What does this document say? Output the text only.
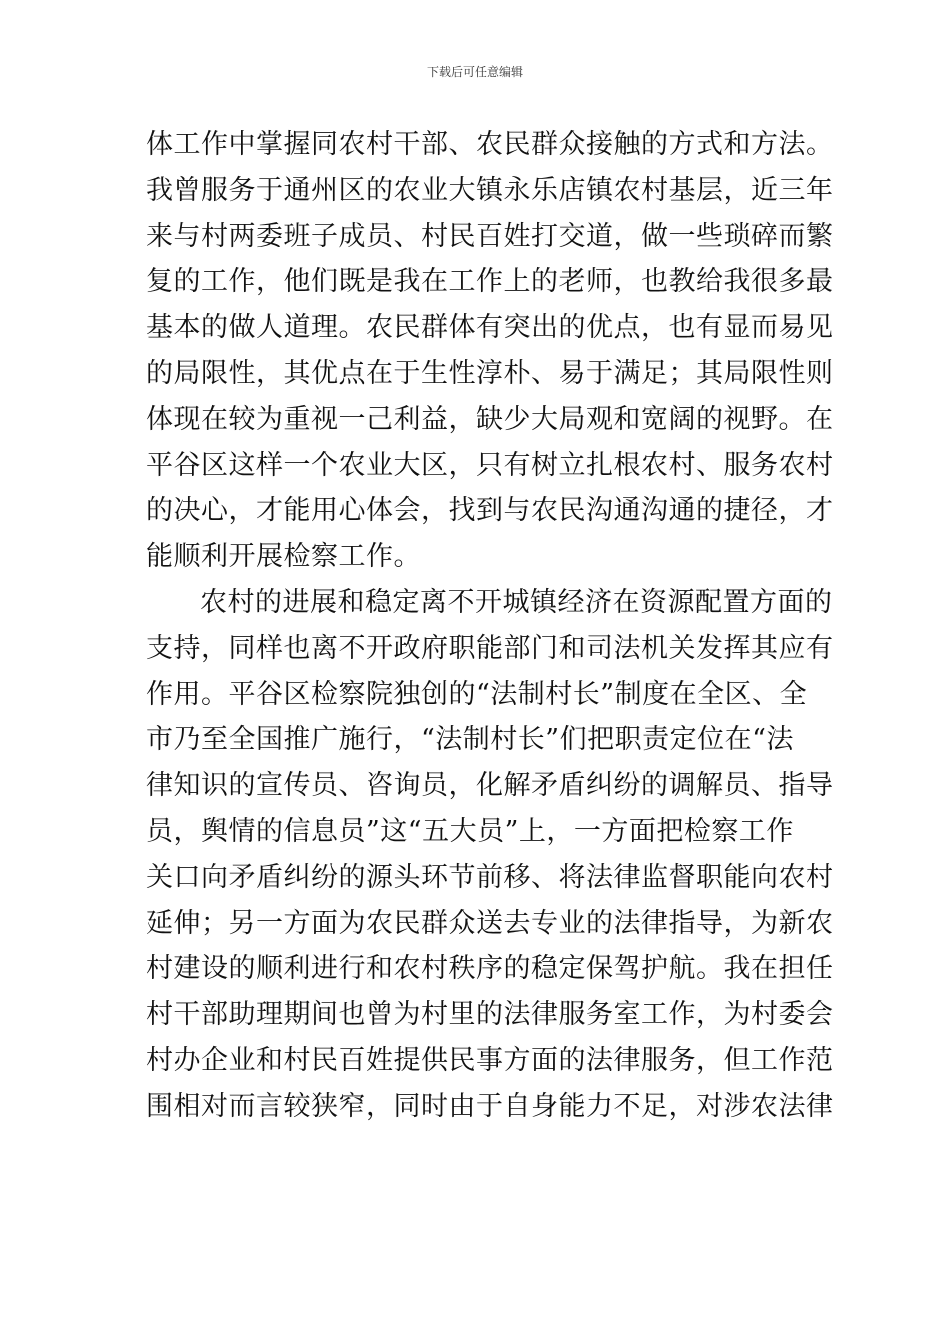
下载后可任意编辑

体工作中掌握同农村干部、农民群众接触的方式和方法。
我曾服务于通州区的农业大镇永乐店镇农村基层，近三年
来与村两委班子成员、村民百姓打交道，做一些琐碎而繁
复的工作，他们既是我在工作上的老师，也教给我很多最
基本的做人道理。农民群体有突出的优点，也有显而易见
的局限性，其优点在于生性淳朴、易于满足；其局限性则
体现在较为重视一己利益，缺少大局观和宽阔的视野。在
平谷区这样一个农业大区，只有树立扎根农村、服务农村
的决心，才能用心体会，找到与农民沟通沟通的捷径，才
能顺利开展检察工作。

农村的进展和稳定离不开城镇经济在资源配置方面的
支持，同样也离不开政府职能部门和司法机关发挥其应有
作用。平谷区检察院独创的“法制村长”制度在全区、全
市乃至全国推广施行，“法制村长”们把职责定位在“法
律知识的宣传员、咨询员，化解矛盾纠纷的调解员、指导
员，舆情的信息员”这“五大员”上，一方面把检察工作
关口向矛盾纠纷的源头环节前移、将法律监督职能向农村
延伸；另一方面为农民群众送去专业的法律指导，为新农
村建设的顺利进行和农村秩序的稳定保驾护航。我在担任
村干部助理期间也曾为村里的法律服务室工作，为村委会
村办企业和村民百姓提供民事方面的法律服务，但工作范
围相对而言较狭窄，同时由于自身能力不足，对涉农法律
